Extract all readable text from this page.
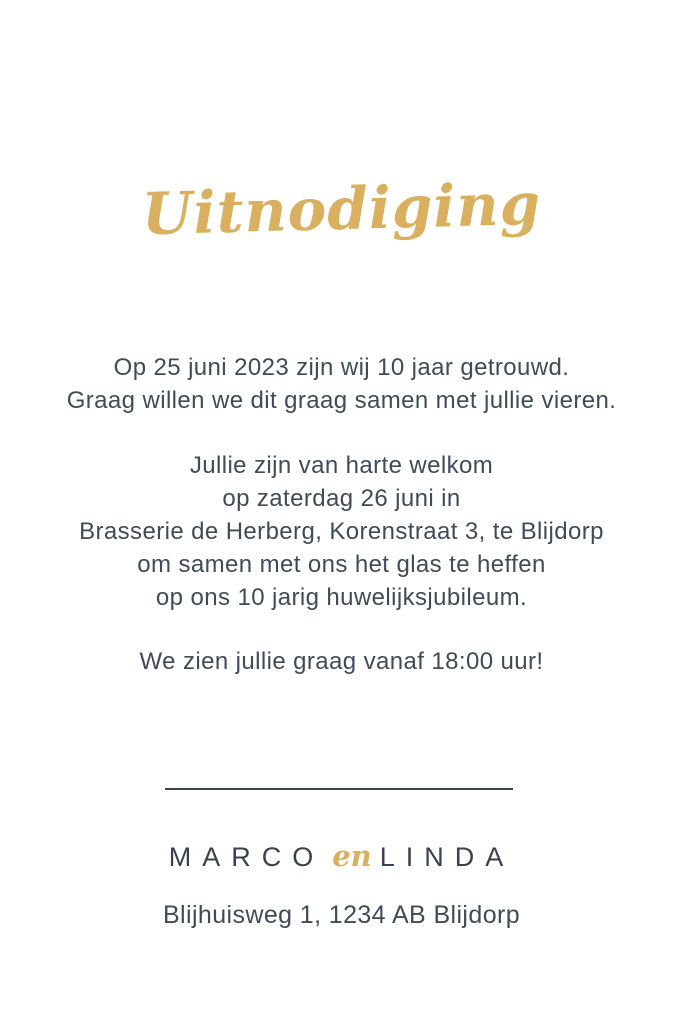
Uitnodiging
Op 25 juni 2023 zijn wij 10 jaar getrouwd.
Graag willen we dit graag samen met jullie vieren.
Jullie zijn van harte welkom
op zaterdag 26 juni in
Brasserie de Herberg, Korenstraat 3, te Blijdorp
om samen met ons het glas te heffen
op ons 10 jarig huwelijksjubileum.
We zien jullie graag vanaf 18:00 uur!
MARCO en LINDA
Blijhuisweg 1, 1234 AB Blijdorp
